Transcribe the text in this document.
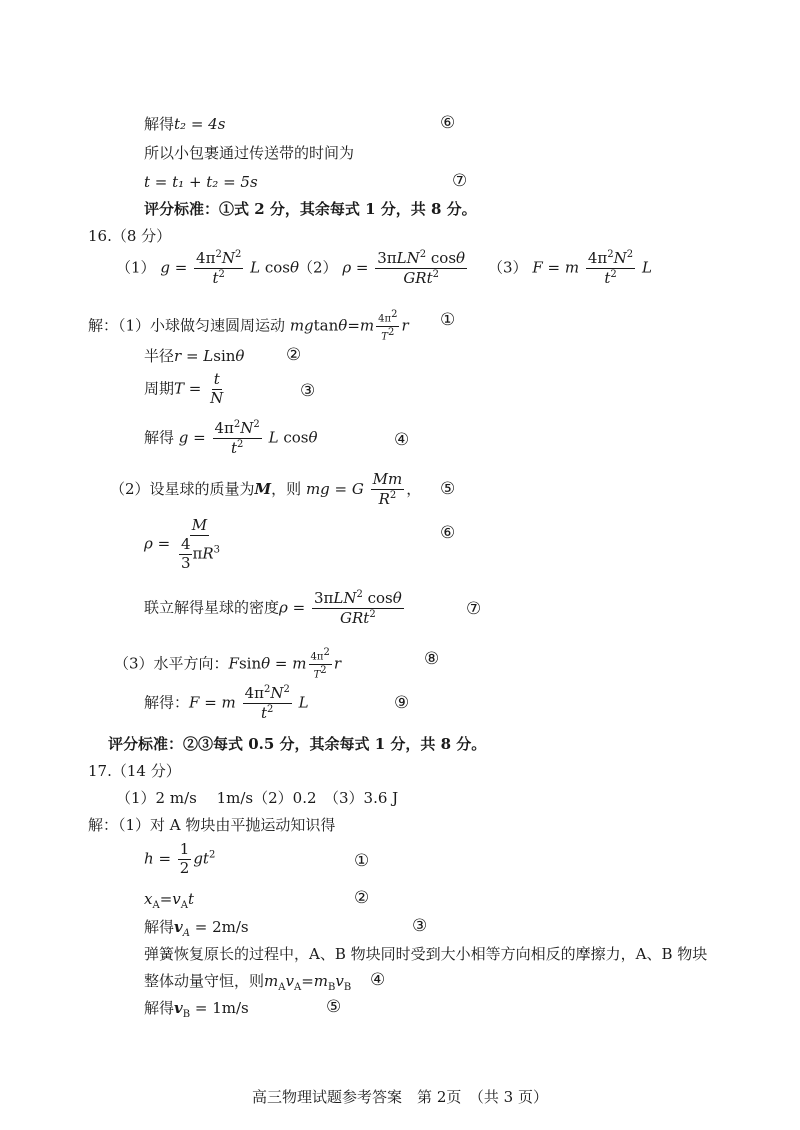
解得t₂ = 4s	⑥
所以小包裹通过传送带的时间为
t = t₁ + t₂ = 5s	⑦
评分标准：①式 2 分，其余每式 1 分，共 8 分。
16.（8 分）
（1） $g = \frac{4\pi^2N^2}{t^2}$ L cosθ
（2） $\rho = \frac{3\pi LN^2 \cos\theta}{GRt^2} (3) F = m \frac{4\pi^2N^2}{t^2}$ L
解：（1）小球做匀速圆周运动 $mgtan\theta=m \frac{4\pi^2}{T^2}$ r ①
半径r = Lsinθ ②
周期$T = \frac{t}{N}$	③
解得 $g = \frac{4\pi^2N^2}{t^2}$ L cosθ	④
（2）设星球的质量为M，则 mg = G $\frac{Mm}{R^2}$ ， ⑤
$\rho = \frac{M}{\frac{4}{3} \pi R^3}$	⑥
联立解得星球的密度$\rho = \frac{3\pi LN^2 \cos\theta}{GRt^2}$	⑦
（3）水平方向：Fsinθ = m $\frac{4\pi^2}{T^2}$ r	⑧
解得：F = m $\frac{4\pi^2N^2}{t^2}$ L	⑨
评分标准：②③每式 0.5 分，其余每式 1 分，共 8 分。
17.（14 分）
（1）2 m/s　 1m/s（2）0.2　（3）3.6 J
解：（1）对 A 物块由平抛运动知识得
$h = \frac{1}{2} gt^2$	①
$x_A=v_At$	②
解得$v_A = 2m/s$	③
弹簧恢复原长的过程中，A、B 物块同时受到大小相等方向相反的摩擦力，A、B 物块
整体动量守恒，则$m_Av_A=m_Bv_B$ ④
解得$v_B = 1m/s$	⑤
高三物理试题参考答案　第 2页　（共 3 页）
